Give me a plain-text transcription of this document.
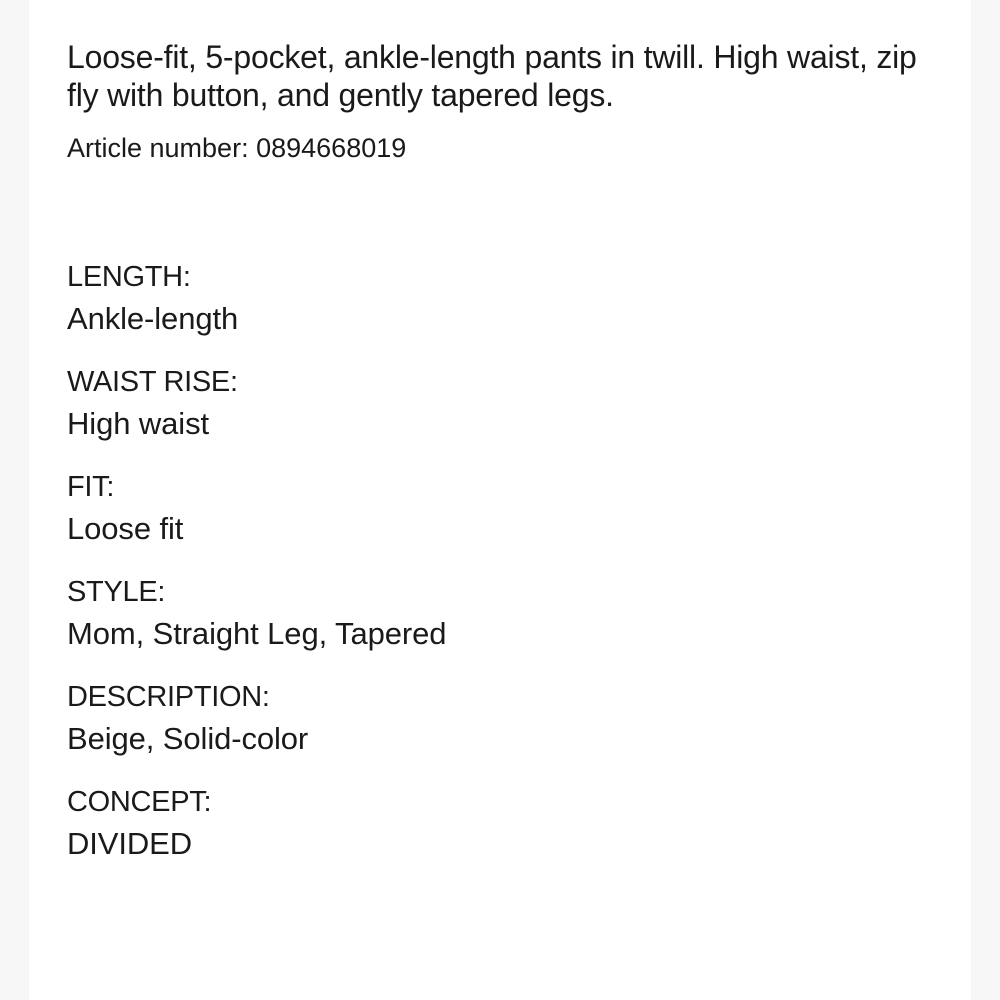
Loose-fit, 5-pocket, ankle-length pants in twill. High waist, zip fly with button, and gently tapered legs.

Article number: 0894668019
LENGTH:
Ankle-length
WAIST RISE:
High waist
FIT:
Loose fit
STYLE:
Mom, Straight Leg, Tapered
DESCRIPTION:
Beige, Solid-color
CONCEPT:
DIVIDED
